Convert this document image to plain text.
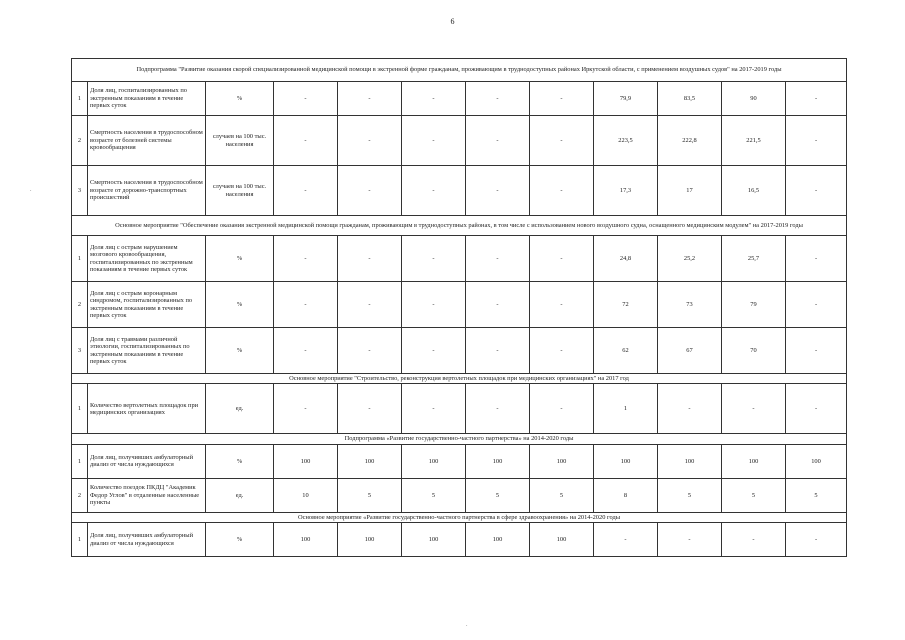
6
.
.
Подпрограмма "Развитие оказания скорой специализированной медицинской помощи в экстренной форме гражданам, проживающим в труднодоступных районах Иркутской области, с применением воздушных судов" на 2017-2019 годы											
1	Доля лиц, госпитализированных по экстренным показаниям в течение первых суток	%	-	-	-	-	-	79,9	83,5	90	-
2	Смертность населения в трудоспособном возрасте от болезней системы кровообращения	случаев на 100 тыс. населения	-	-	-	-	-	223,5	222,8	221,5	-
3	Смертность населения в трудоспособном возрасте от дорожно-транспортных происшествий	случаев на 100 тыс. населения	-	-	-	-	-	17,3	17	16,5	-
Основное мероприятие "Обеспечение оказания экстренной медицинской помощи гражданам, проживающим в труднодоступных районах, в том числе с использованием нового воздушного судна, оснащенного медицинским модулем" на 2017-2019 годы											
1	Доля лиц с острым нарушением мозгового кровообращения, госпитализированных по экстренным показаниям в течение первых суток	%	-	-	-	-	-	24,8	25,2	25,7	-
2	Доля лиц с острым коронарным синдромом, госпитализированных по экстренным показаниям в течение первых суток	%	-	-	-	-	-	72	73	79	-
3	Доля лиц с травмами различной этиологии, госпитализированных по экстренным показаниям в течение первых суток	%	-	-	-	-	-	62	67	70	-
Основное мероприятие "Строительство, реконструкция вертолетных площадок при медицинских организациях" на 2017 год											
1	Количество вертолетных площадок при медицинских организациях	ед.	-	-	-	-	-	1	-	-	-
Подпрограмма «Развитие государственно-частного партнерства» на 2014-2020 годы											
1	Доля лиц, получивших амбулаторный диализ от числа нуждающихся	%	100	100	100	100	100	100	100	100	100
2	Количество поездок ПКДЦ "Академик Федор Углов" в отдаленные населенные пункты	ед.	10	5	5	5	5	8	5	5	5
Основное мероприятие «Развитие государственно-частного партнерства в сфере здравоохранения» на 2014-2020 годы											
1	Доля лиц, получивших амбулаторный диализ от числа нуждающихся	%	100	100	100	100	100	-	-	-	-
